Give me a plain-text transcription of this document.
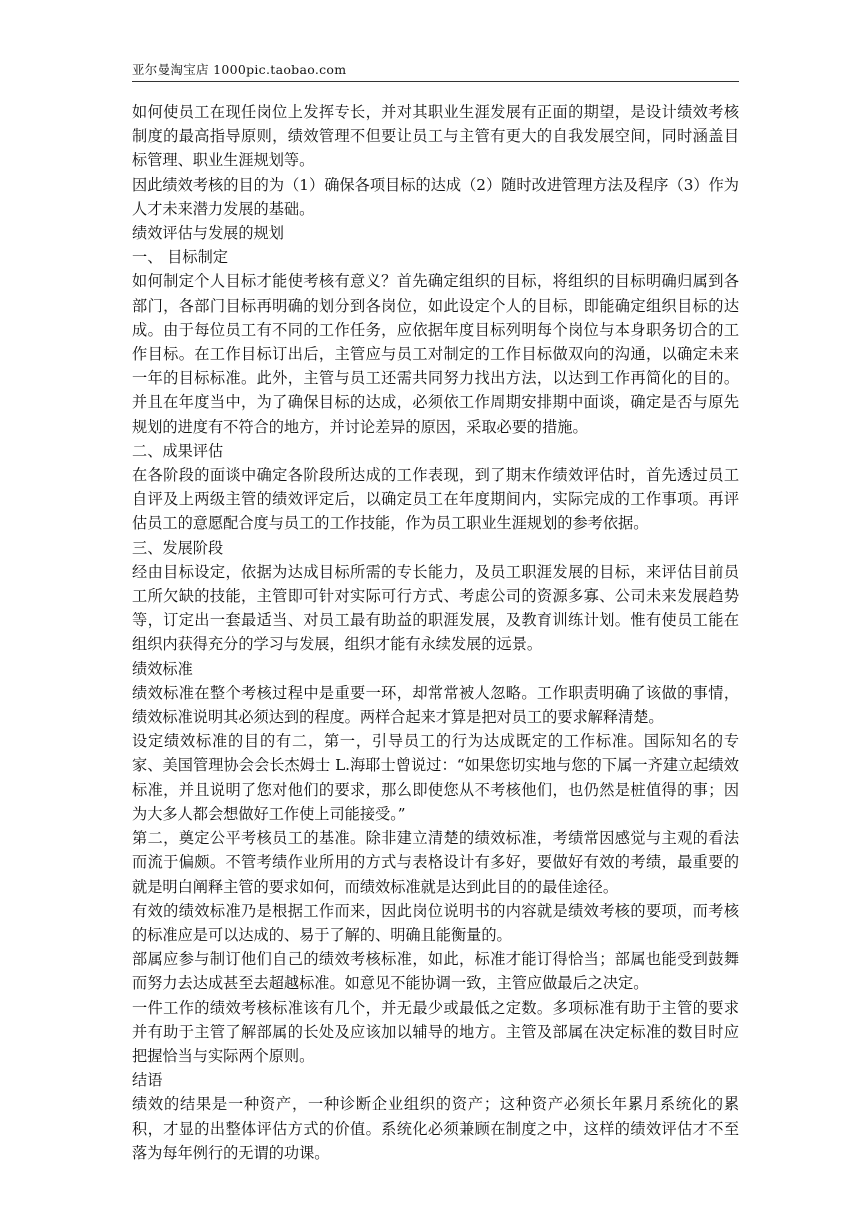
亚尔曼淘宝店 1000pic.taobao.com

如何使员工在现任岗位上发挥专长，并对其职业生涯发展有正面的期望，是设计绩效考核制度的最高指导原则，绩效管理不但要让员工与主管有更大的自我发展空间，同时涵盖目标管理、职业生涯规划等。

因此绩效考核的目的为（1）确保各项目标的达成（2）随时改进管理方法及程序（3）作为人才未来潜力发展的基础。

绩效评估与发展的规划

一、 目标制定

如何制定个人目标才能使考核有意义？首先确定组织的目标，将组织的目标明确归属到各部门，各部门目标再明确的划分到各岗位，如此设定个人的目标，即能确定组织目标的达成。由于每位员工有不同的工作任务，应依据年度目标列明每个岗位与本身职务切合的工作目标。在工作目标订出后，主管应与员工对制定的工作目标做双向的沟通，以确定未来一年的目标标准。此外，主管与员工还需共同努力找出方法，以达到工作再简化的目的。并且在年度当中，为了确保目标的达成，必须依工作周期安排期中面谈，确定是否与原先规划的进度有不符合的地方，并讨论差异的原因，采取必要的措施。

二、成果评估

在各阶段的面谈中确定各阶段所达成的工作表现，到了期末作绩效评估时，首先透过员工自评及上两级主管的绩效评定后，以确定员工在年度期间内，实际完成的工作事项。再评估员工的意愿配合度与员工的工作技能，作为员工职业生涯规划的参考依据。

三、发展阶段

经由目标设定，依据为达成目标所需的专长能力，及员工职涯发展的目标，来评估目前员工所欠缺的技能，主管即可针对实际可行方式、考虑公司的资源多寡、公司未来发展趋势等，订定出一套最适当、对员工最有助益的职涯发展，及教育训练计划。惟有使员工能在组织内获得充分的学习与发展，组织才能有永续发展的远景。

绩效标准

绩效标准在整个考核过程中是重要一环，却常常被人忽略。工作职责明确了该做的事情，绩效标准说明其必须达到的程度。两样合起来才算是把对员工的要求解释清楚。

设定绩效标准的目的有二，第一，引导员工的行为达成既定的工作标准。国际知名的专家、美国管理协会会长杰姆士 L.海耶士曾说过：“如果您切实地与您的下属一齐建立起绩效标准，并且说明了您对他们的要求，那么即使您从不考核他们，也仍然是桩值得的事；因为大多人都会想做好工作使上司能接受。”

第二，奠定公平考核员工的基准。除非建立清楚的绩效标准，考绩常因感觉与主观的看法而流于偏颇。不管考绩作业所用的方式与表格设计有多好，要做好有效的考绩，最重要的就是明白阐释主管的要求如何，而绩效标准就是达到此目的的最佳途径。

有效的绩效标准乃是根据工作而来，因此岗位说明书的内容就是绩效考核的要项，而考核的标准应是可以达成的、易于了解的、明确且能衡量的。

部属应参与制订他们自己的绩效考核标准，如此，标准才能订得恰当；部属也能受到鼓舞而努力去达成甚至去超越标准。如意见不能协调一致，主管应做最后之决定。

一件工作的绩效考核标准该有几个，并无最少或最低之定数。多项标准有助于主管的要求并有助于主管了解部属的长处及应该加以辅导的地方。主管及部属在决定标准的数目时应把握恰当与实际两个原则。

结语

绩效的结果是一种资产，一种诊断企业组织的资产；这种资产必须长年累月系统化的累积，才显的出整体评估方式的价值。系统化必须兼顾在制度之中，这样的绩效评估才不至落为每年例行的无谓的功课。
